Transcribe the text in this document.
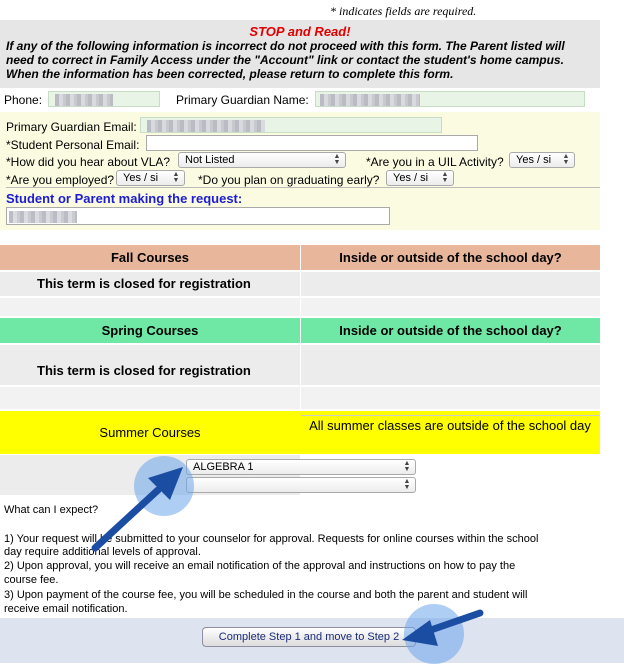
* indicates fields are required.
STOP and Read!
If any of the following information is incorrect do not proceed with this form. The Parent listed will
need to correct in Family Access under the "Account" link or contact the student's home campus.
When the information has been corrected, please return to complete this form.
Phone:	Primary Guardian Name:
Primary Guardian Email:
*Student Personal Email:
*How did you hear about VLA?	Not Listed	▲
▼ *Are you in a UIL Activity?	Yes / si	▲
▼
*Are you employed? Yes / si	▲
▼ *Do you plan on graduating early?	Yes / si	▲
▼
Student or Parent making the request:
Fall Courses	Inside or outside of the school day?
This term is closed for registration
Spring Courses	Inside or outside of the school day?
This term is closed for registration
Summer Courses	All summer classes are outside of the school day
ALGEBRA 1	▲
▼
▲
▼
What can I expect?
1) Your request will be submitted to your counselor for approval. Requests for online courses within the school
day require additional levels of approval.
2) Upon approval, you will receive an email notification of the approval and instructions on how to pay the
course fee.
3) Upon payment of the course fee, you will be scheduled in the course and both the parent and student will
receive email notification.
Complete Step 1 and move to Step 2
